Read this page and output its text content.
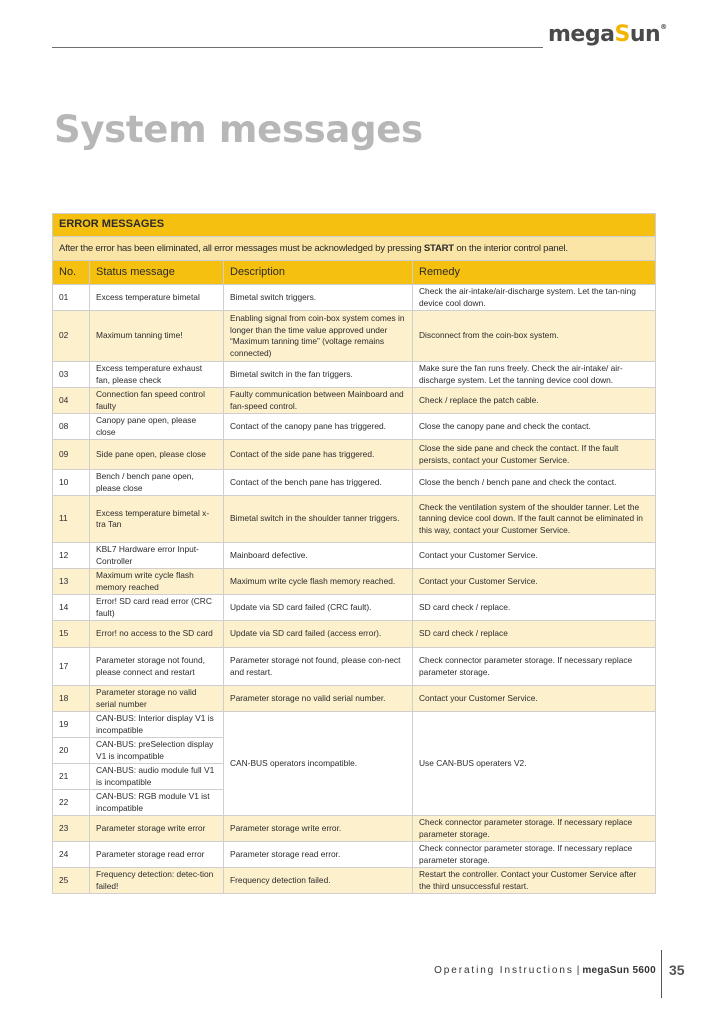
megaSun®
System messages
ERROR MESSAGES			
After the error has been eliminated, all error messages must be acknowledged by pressing START on the interior control panel.			
No.	Status message	Description	Remedy
01	Excess temperature bimetal	Bimetal switch triggers.	Check the air-intake/air-discharge system. Let the tan-ning device cool down.
02	Maximum tanning time!	Enabling signal from coin-box system comes in longer than the time value approved under “Maximum tanning time” (voltage remains connected)	Disconnect from the coin-box system.
03	Excess temperature exhaust fan, please check	Bimetal switch in the fan triggers.	Make sure the fan runs freely. Check the air-intake/ air-discharge system. Let the tanning device cool down.
04	Connection fan speed control faulty	Faulty communication between Mainboard and fan-speed control.	Check / replace the patch cable.
08	Canopy pane open, please close	Contact of the canopy pane has triggered.	Close the canopy pane and check the contact.
09	Side pane open, please close	Contact of the side pane has triggered.	Close the side pane and check the contact. If the fault persists, contact your Customer Service.
10	Bench / bench pane open, please close	Contact of the bench pane has triggered.	Close the bench / bench pane and check the contact.
11	Excess temperature bimetal x-tra Tan	Bimetal switch in the shoulder tanner triggers.	Check the ventilation system of the shoulder tanner. Let the tanning device cool down. If the fault cannot be eliminated in this way, contact your Customer Service.
12	KBL7 Hardware error Input-Controller	Mainboard defective.	Contact your Customer Service.
13	Maximum write cycle flash memory reached	Maximum write cycle flash memory reached.	Contact your Customer Service.
14	Error! SD card read error (CRC fault)	Update via SD card failed (CRC fault).	SD card check / replace.
15	Error! no access to the SD card	Update via SD card failed (access error).	SD card check / replace
17	Parameter storage not found, please connect and restart	Parameter storage not found, please con-nect and restart.	Check connector parameter storage. If necessary replace parameter storage.
18	Parameter storage no valid serial number	Parameter storage no valid serial number.	Contact your Customer Service.
19	CAN-BUS: Interior display V1 is incompatible	CAN-BUS operators incompatible.	Use CAN-BUS operaters V2.
20	CAN-BUS: preSelection display V1 is incompatible		
21	CAN-BUS: audio module full V1 is incompatible		
22	CAN-BUS: RGB module V1 ist incompatible		
23	Parameter storage write error	Parameter storage write error.	Check connector parameter storage. If necessary replace parameter storage.
24	Parameter storage read error	Parameter storage read error.	Check connector parameter storage. If necessary replace parameter storage.
25	Frequency detection: detec-tion failed!	Frequency detection failed.	Restart the controller. Contact your Customer Service after the third unsuccessful restart.
Operating Instructions | megaSun 5600 35
